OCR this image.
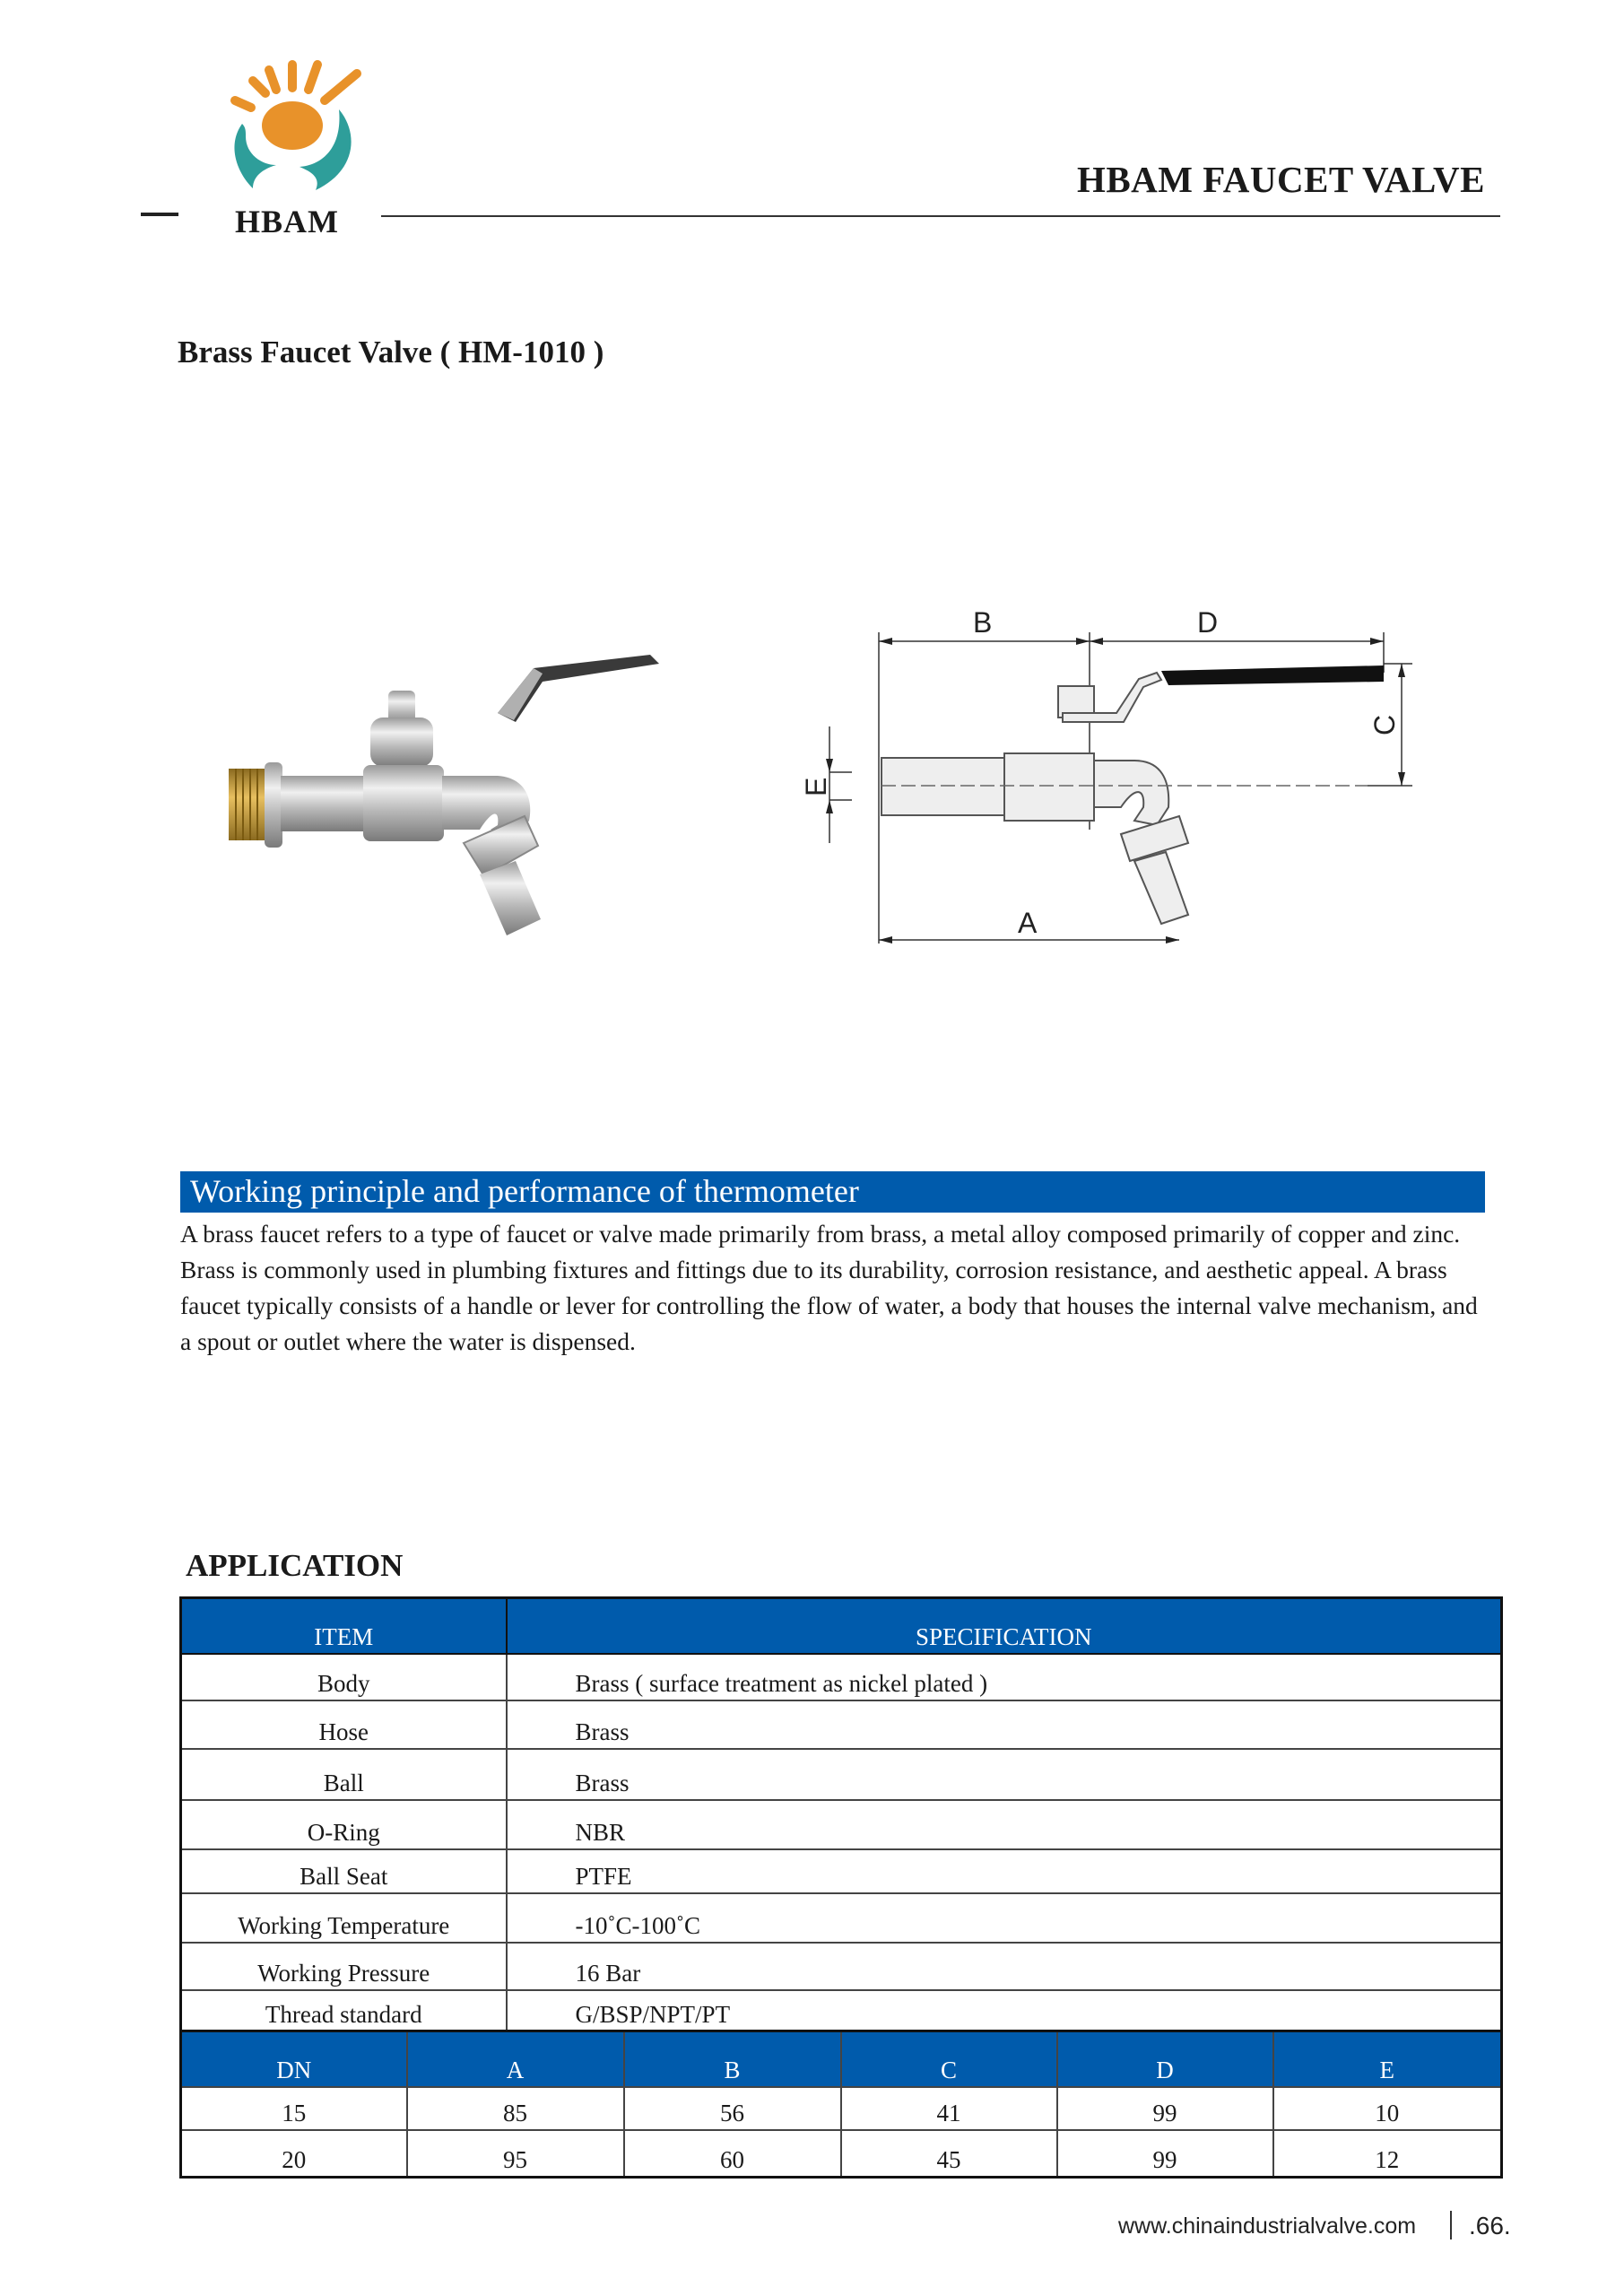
HBAM
HBAM FAUCET VALVE
Brass Faucet Valve ( HM-1010 )
B	D
A
C
E
Working principle and performance of thermometer
A brass faucet refers to a type of faucet or valve made primarily from brass, a metal alloy composed primarily of copper and zinc. Brass is commonly used in plumbing fixtures and fittings due to its durability, corrosion resistance, and aesthetic appeal. A brass faucet typically consists of a handle or lever for controlling the flow of water, a body that houses the internal valve mechanism, and a spout or outlet where the water is dispensed.
APPLICATION
ITEM	SPECIFICATION
Body	Brass ( surface treatment as nickel plated )
Hose	Brass
Ball	Brass
O-Ring	NBR
Ball Seat	PTFE
Working Temperature	-10˚C-100˚C
Working Pressure	16 Bar
Thread standard	G/BSP/NPT/PT
DN	A	B	C	D	E
15	85	56	41	99	10
20	95	60	45	99	12
www.chinaindustrialvalve.com .66.
